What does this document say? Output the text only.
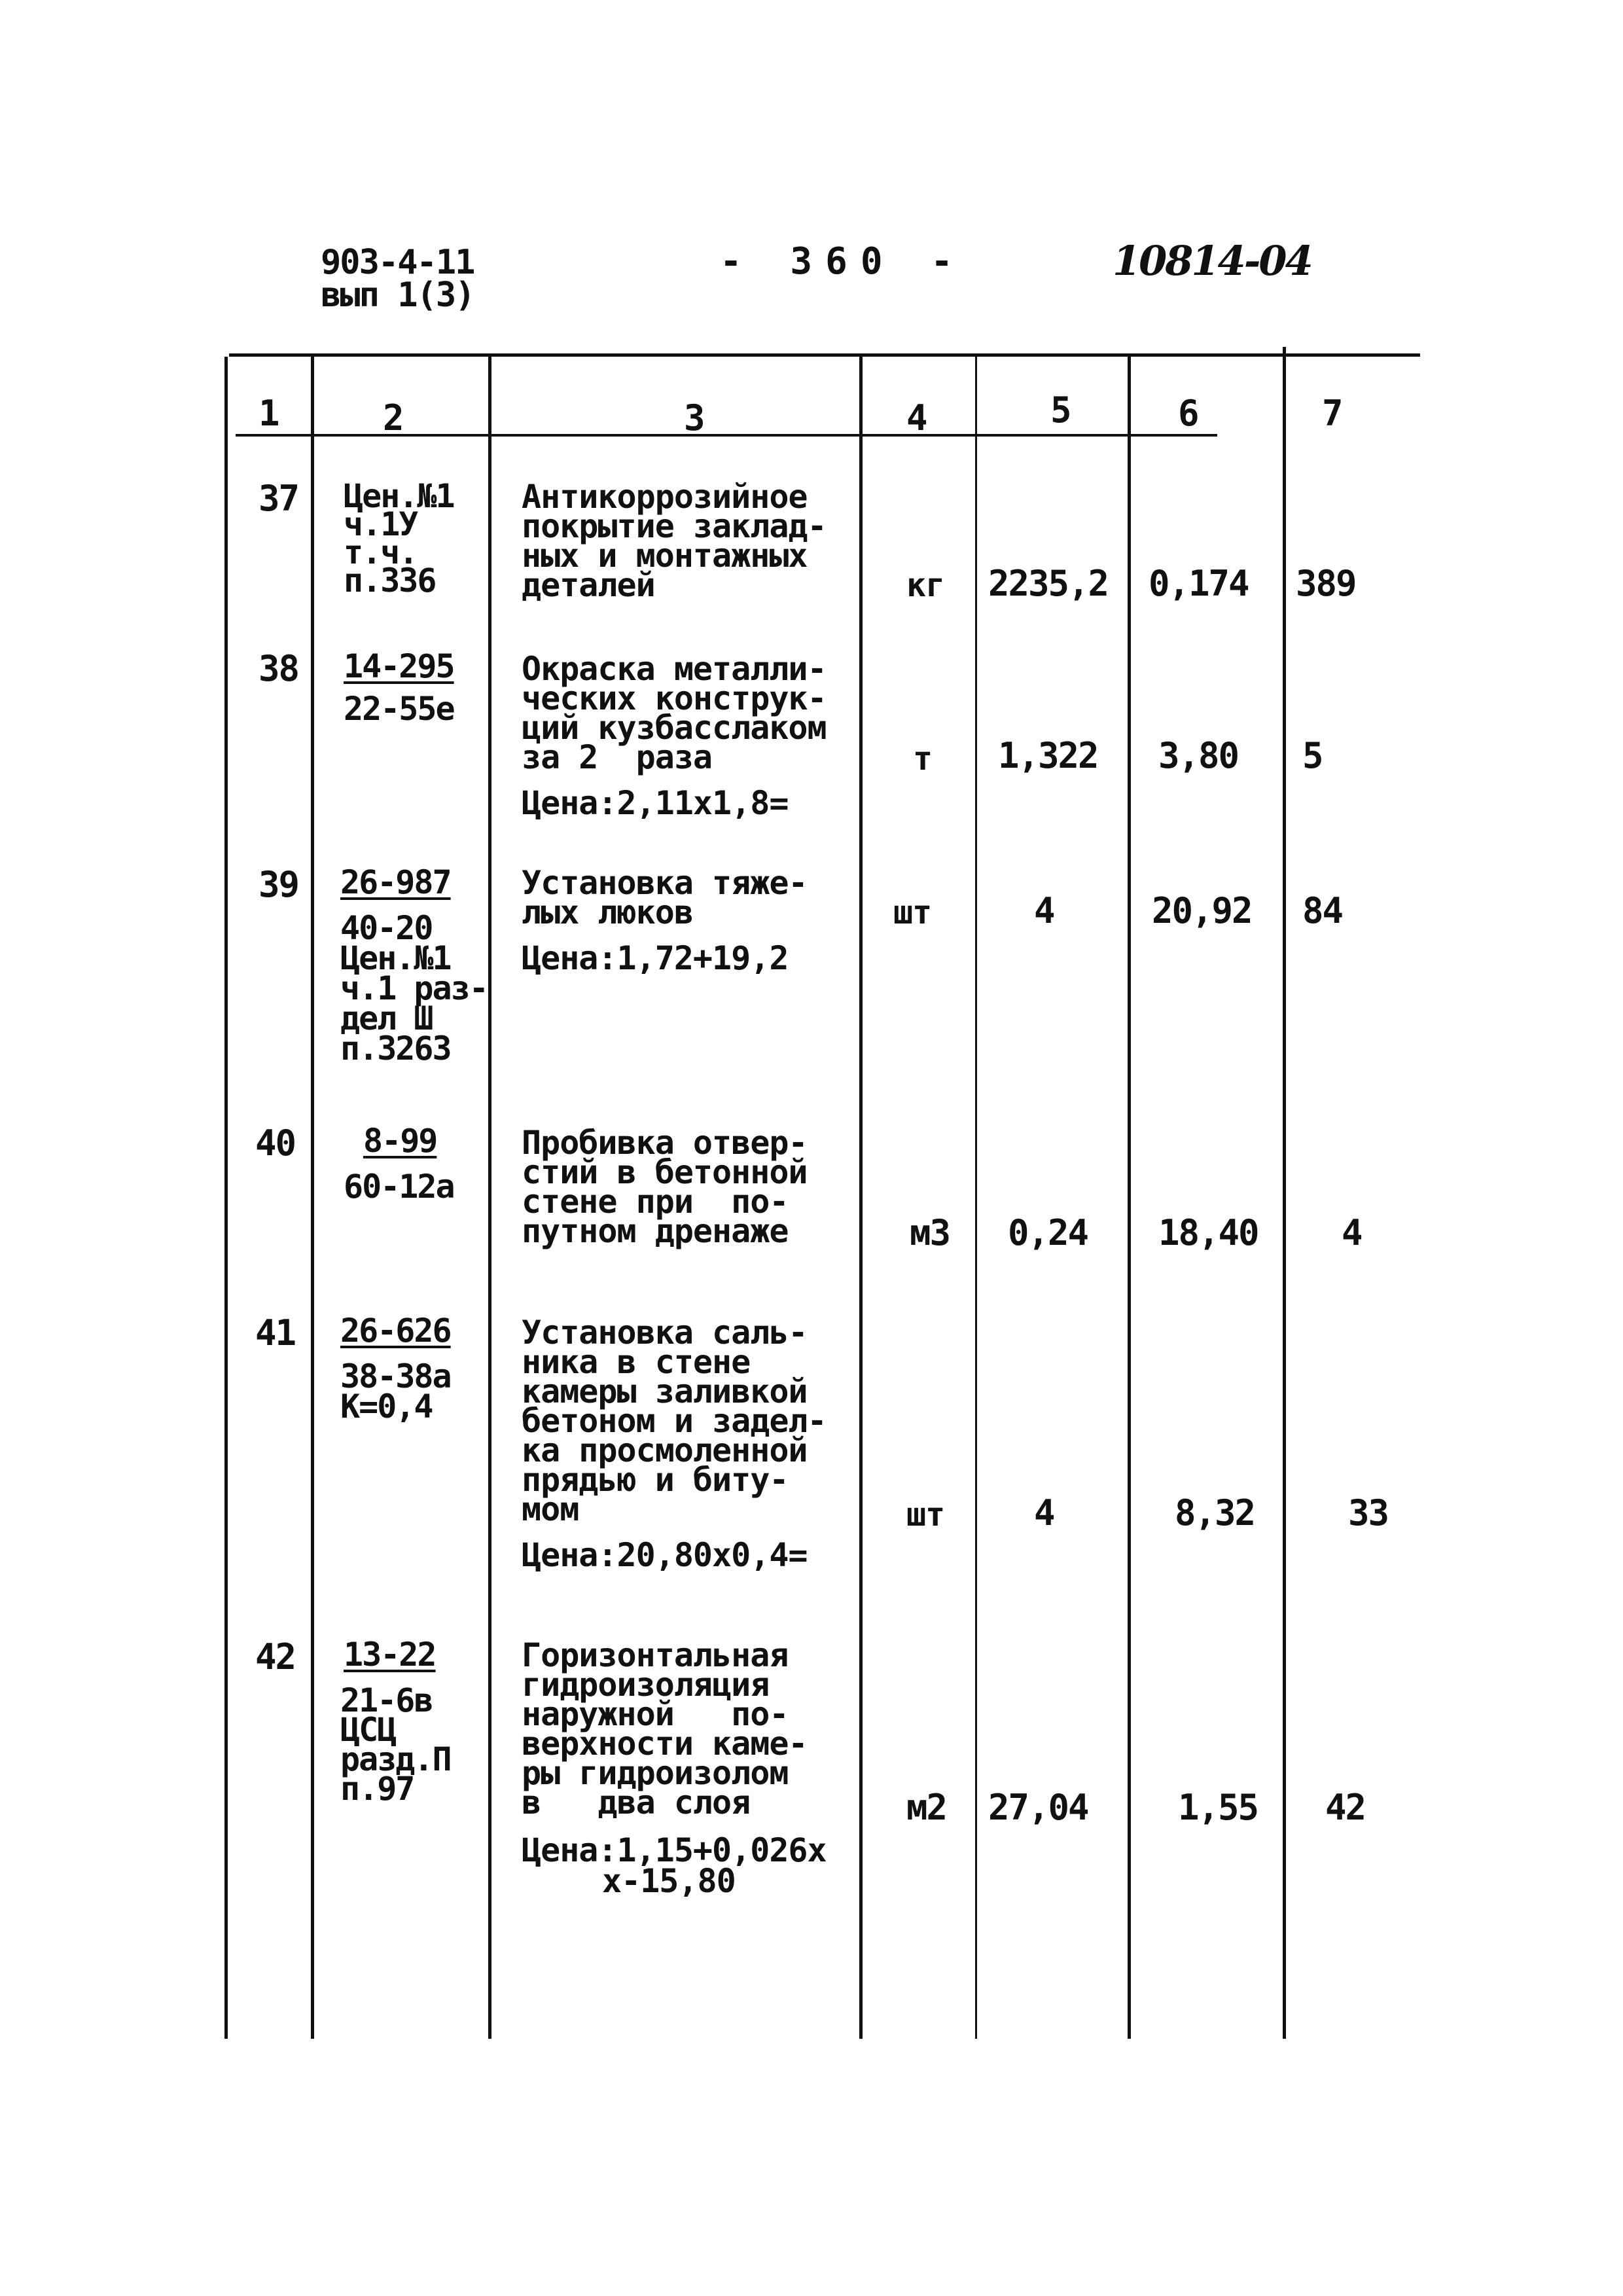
903-4-11
вып 1(3)
- 360 -	10814-04
1	2	3	4	5	6	7
37 Цен.№1
ч.1У
т.ч.
п.336
Антикоррозийное
покрытие заклад-
ных и монтажных
деталей	кг 2235,2 0,174 389
38 14-295
22-55е
Окраска металли-
ческих конструк-
ций кузбасслаком
за 2  раза
Цена:2,11х1,8=
т 1,322 3,80 5
39 26-987
40-20
Цен.№1
ч.1 раз-
дел Ш
п.3263
Установка тяже-
лых люков
Цена:1,72+19,2
шт	4	20,92 84
40 8-99
60-12а
Пробивка отвер-
стий в бетонной
стене при  по-
путном дренаже	м3 0,24 18,40 4
41 26-626
38-38а
К=0,4
Установка саль-
ника в стене
камеры заливкой
бетоном и задел-
ка просмоленной
прядью и биту-
мом
Цена:20,80х0,4=
шт	4	8,32	33
42 13-22
21-6в
ЦСЦ
разд.П
п.97
Горизонтальная
гидроизоляция
наружной   по-
верхности каме-
ры гидроизолом
в   два слоя
Цена:1,15+0,026х
х-15,80
м2 27,04	1,55 42
